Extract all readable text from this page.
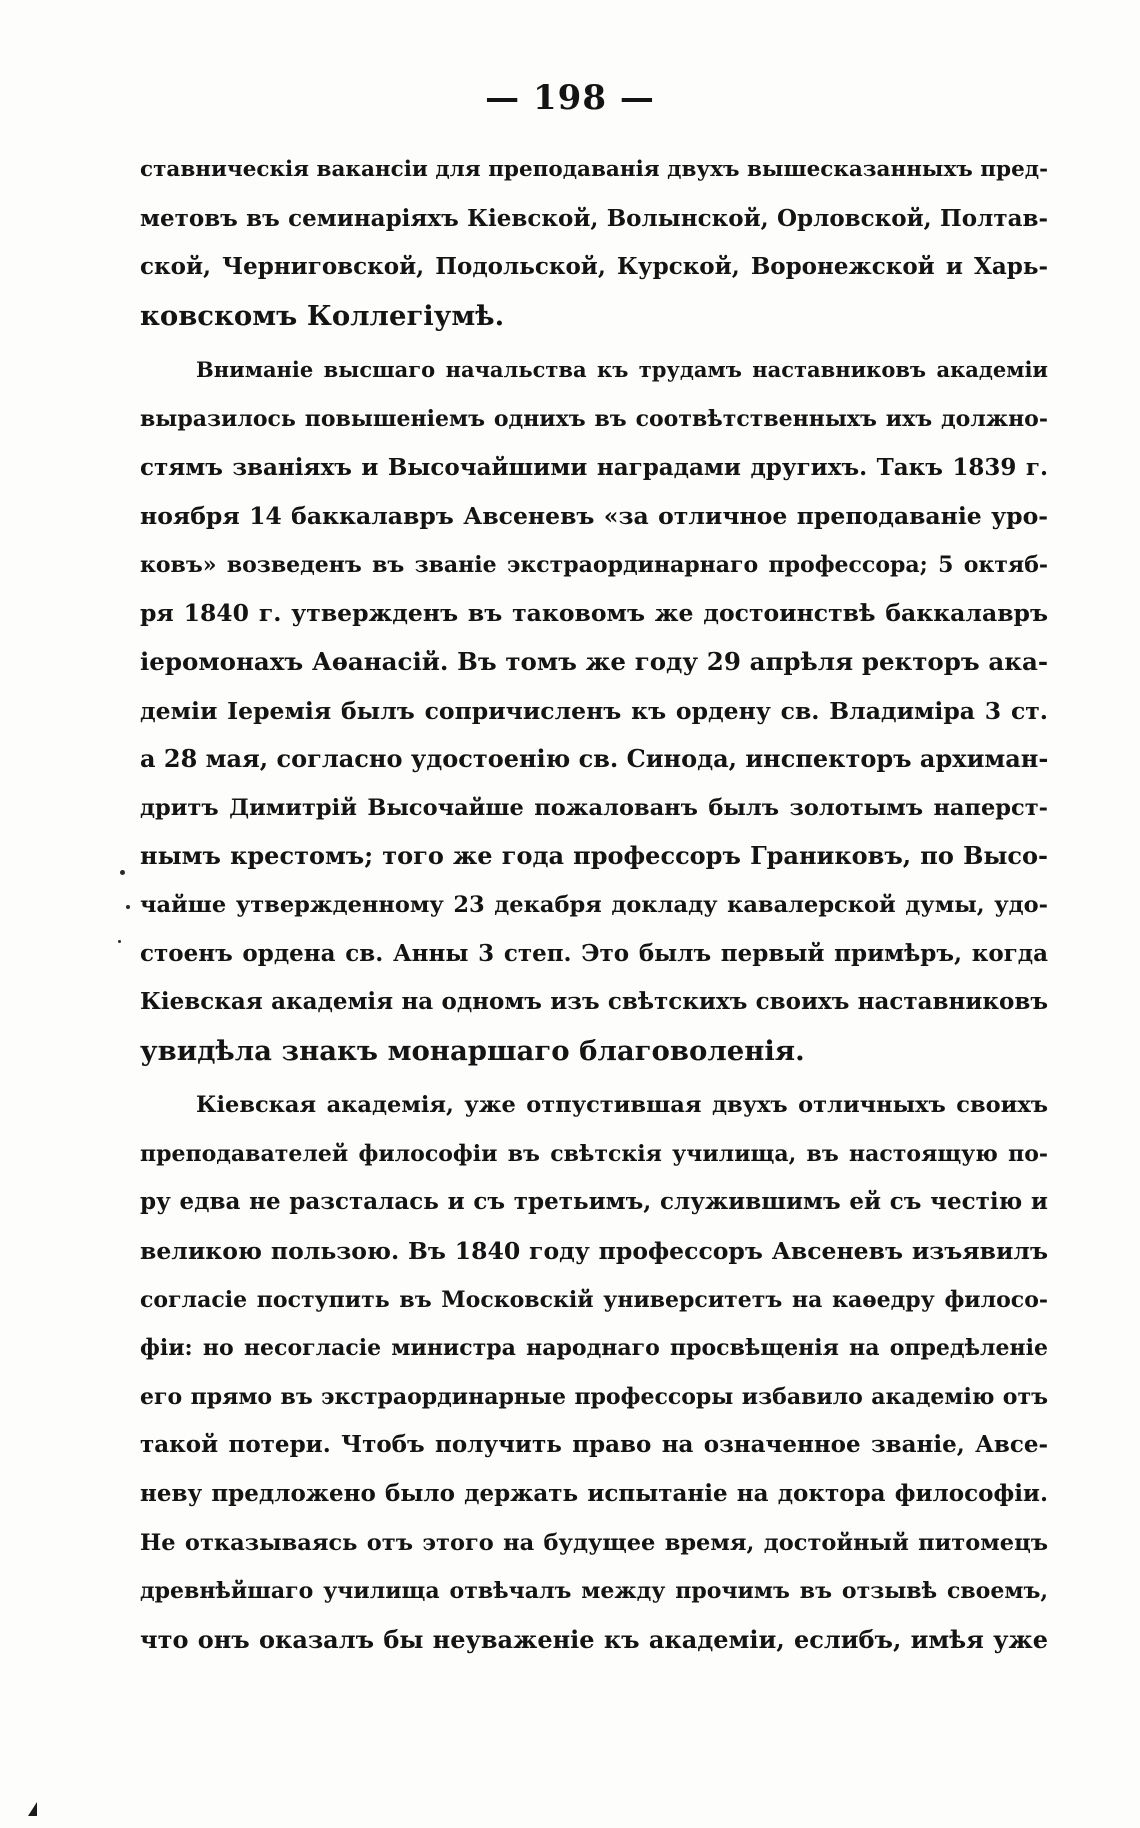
— 198 —

ставническія вакансіи для преподаванія двухъ вышесказанныхъ пред-
метовъ въ семинаріяхъ Кіевской, Волынской, Орловской, Полтав-
ской, Черниговской, Подольской, Курской, Воронежской и Харь-
ковскомъ Коллегіумѣ.

Вниманіе высшаго начальства къ трудамъ наставниковъ академіи
выразилось повышеніемъ однихъ въ соотвѣтственныхъ ихъ должно-
стямъ званіяхъ и Высочайшими наградами другихъ. Такъ 1839 г.
ноября 14 баккалавръ Авсеневъ «за отличное преподаваніе уро-
ковъ» возведенъ въ званіе экстраординарнаго профессора; 5 октяб-
ря 1840 г. утвержденъ въ таковомъ же достоинствѣ баккалавръ
іеромонахъ Аѳанасій. Въ томъ же году 29 апрѣля ректоръ ака-
деміи Іеремія былъ сопричисленъ къ ордену св. Владиміра 3 ст.
а 28 мая, согласно удостоенію св. Синода, инспекторъ архиман-
дритъ Димитрій Высочайше пожалованъ былъ золотымъ наперст-
нымъ крестомъ; того же года профессоръ Граниковъ, по Высо-
чайше утвержденному 23 декабря докладу кавалерской думы, удо-
стоенъ ордена св. Анны 3 степ. Это былъ первый примѣръ, когда
Кіевская академія на одномъ изъ свѣтскихъ своихъ наставниковъ
увидѣла знакъ монаршаго благоволенія.

Кіевская академія, уже отпустившая двухъ отличныхъ своихъ
преподавателей философіи въ свѣтскія училища, въ настоящую по-
ру едва не разсталась и съ третьимъ, служившимъ ей съ честію и
великою пользою. Въ 1840 году профессоръ Авсеневъ изъявилъ
согласіе поступить въ Московскій университетъ на каѳедру филосо-
фіи: но несогласіе министра народнаго просвѣщенія на опредѣленіе
его прямо въ экстраординарные профессоры избавило академію отъ
такой потери. Чтобъ получить право на означенное званіе, Авсе-
неву предложено было держать испытаніе на доктора философіи.
Не отказываясь отъ этого на будущее время, достойный питомецъ
древнѣйшаго училища отвѣчалъ между прочимъ въ отзывѣ своемъ,
что онъ оказалъ бы неуваженіе къ академіи, еслибъ, имѣя уже
